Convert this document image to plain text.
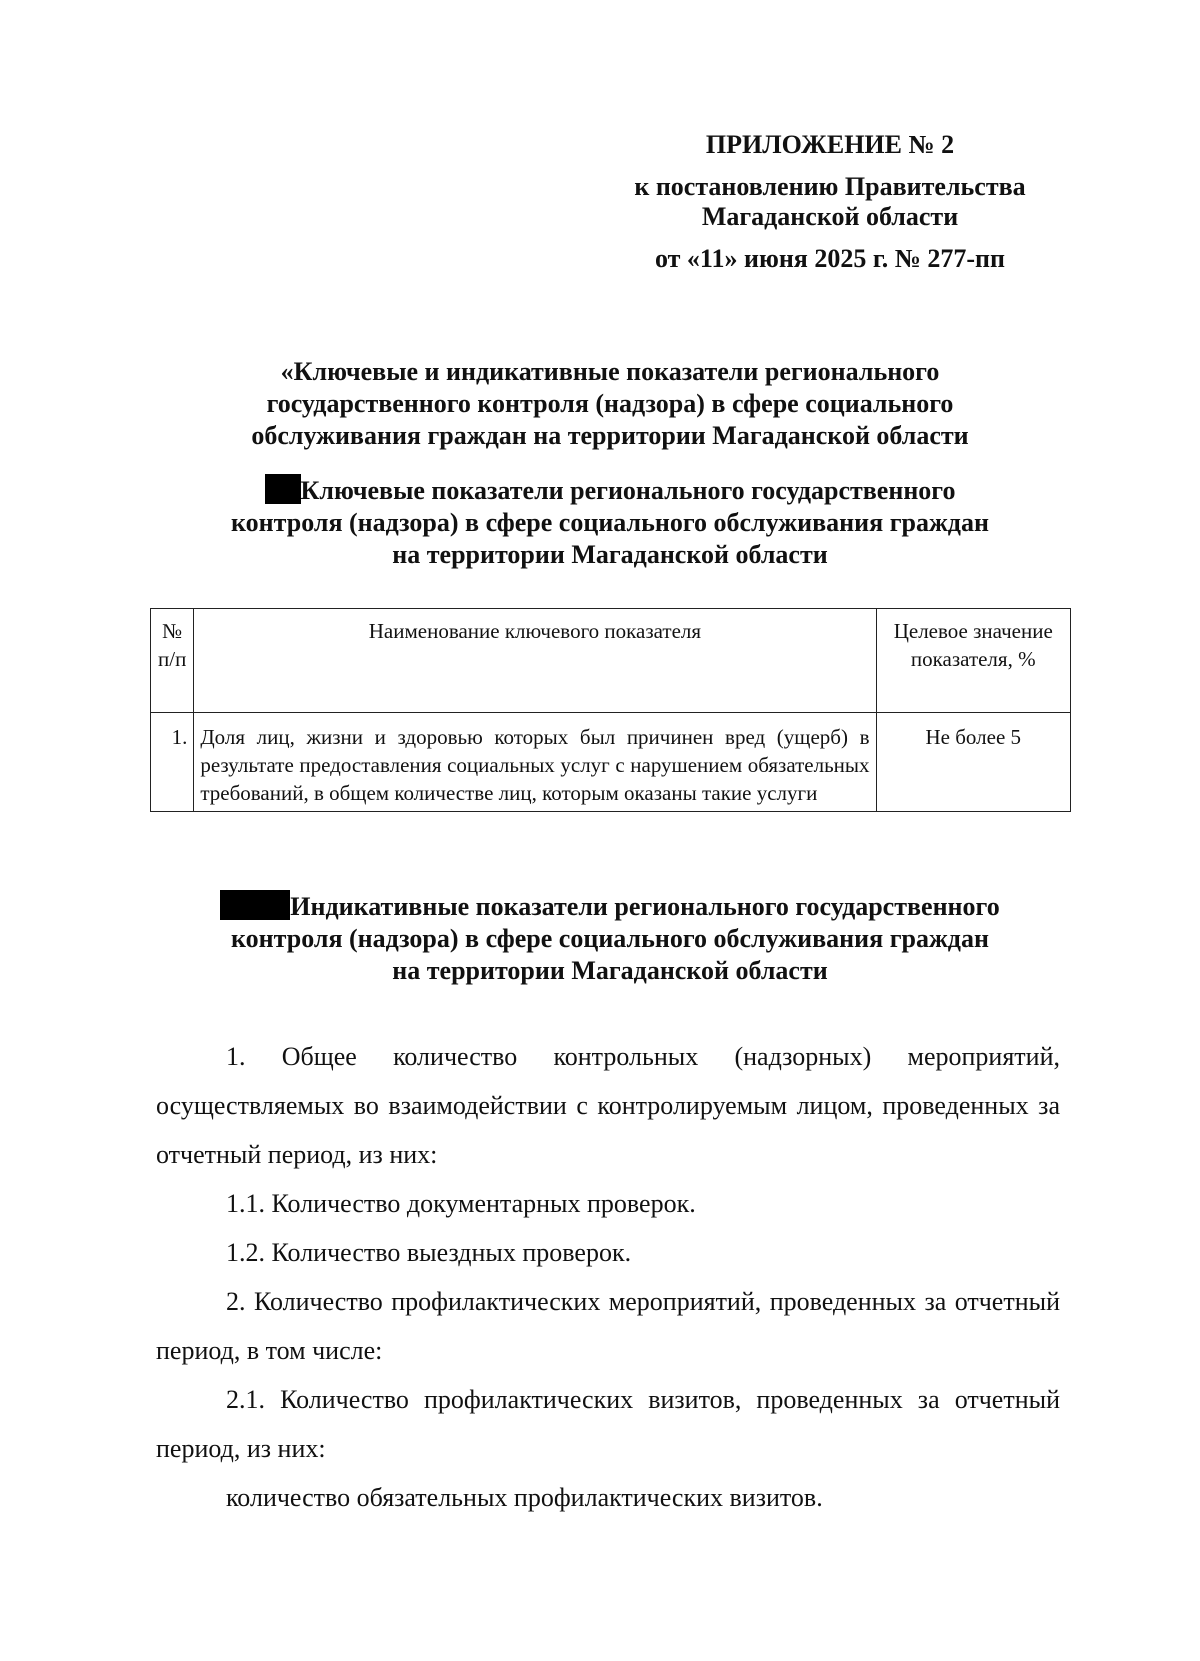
ПРИЛОЖЕНИЕ № 2

к постановлению Правительства

Магаданской области

от «11» июня 2025 г. № 277-пп

«Ключевые и индикативные показатели регионального

государственного контроля (надзора) в сфере социального

обслуживания граждан на территории Магаданской области

Ключевые показатели регионального государственного

контроля (надзора) в сфере социального обслуживания граждан

на территории Магаданской области

№ п/п	Наименование ключевого показателя	Целевое значение показателя, %
1.	Доля лиц, жизни и здоровью которых был причинен вред (ущерб) в результате предоставления социальных услуг с нарушением обязательных требований, в общем количестве лиц, которым оказаны такие услуги	Не более 5

Индикативные показатели регионального государственного

контроля (надзора) в сфере социального обслуживания граждан

на территории Магаданской области

1. Общее количество контрольных (надзорных) мероприятий, осуществляемых во взаимодействии с контролируемым лицом, проведенных за отчетный период, из них:

1.1. Количество документарных проверок.

1.2. Количество выездных проверок.

2. Количество профилактических мероприятий, проведенных за отчетный период, в том числе:

2.1. Количество профилактических визитов, проведенных за отчетный период, из них:

количество обязательных профилактических визитов.
